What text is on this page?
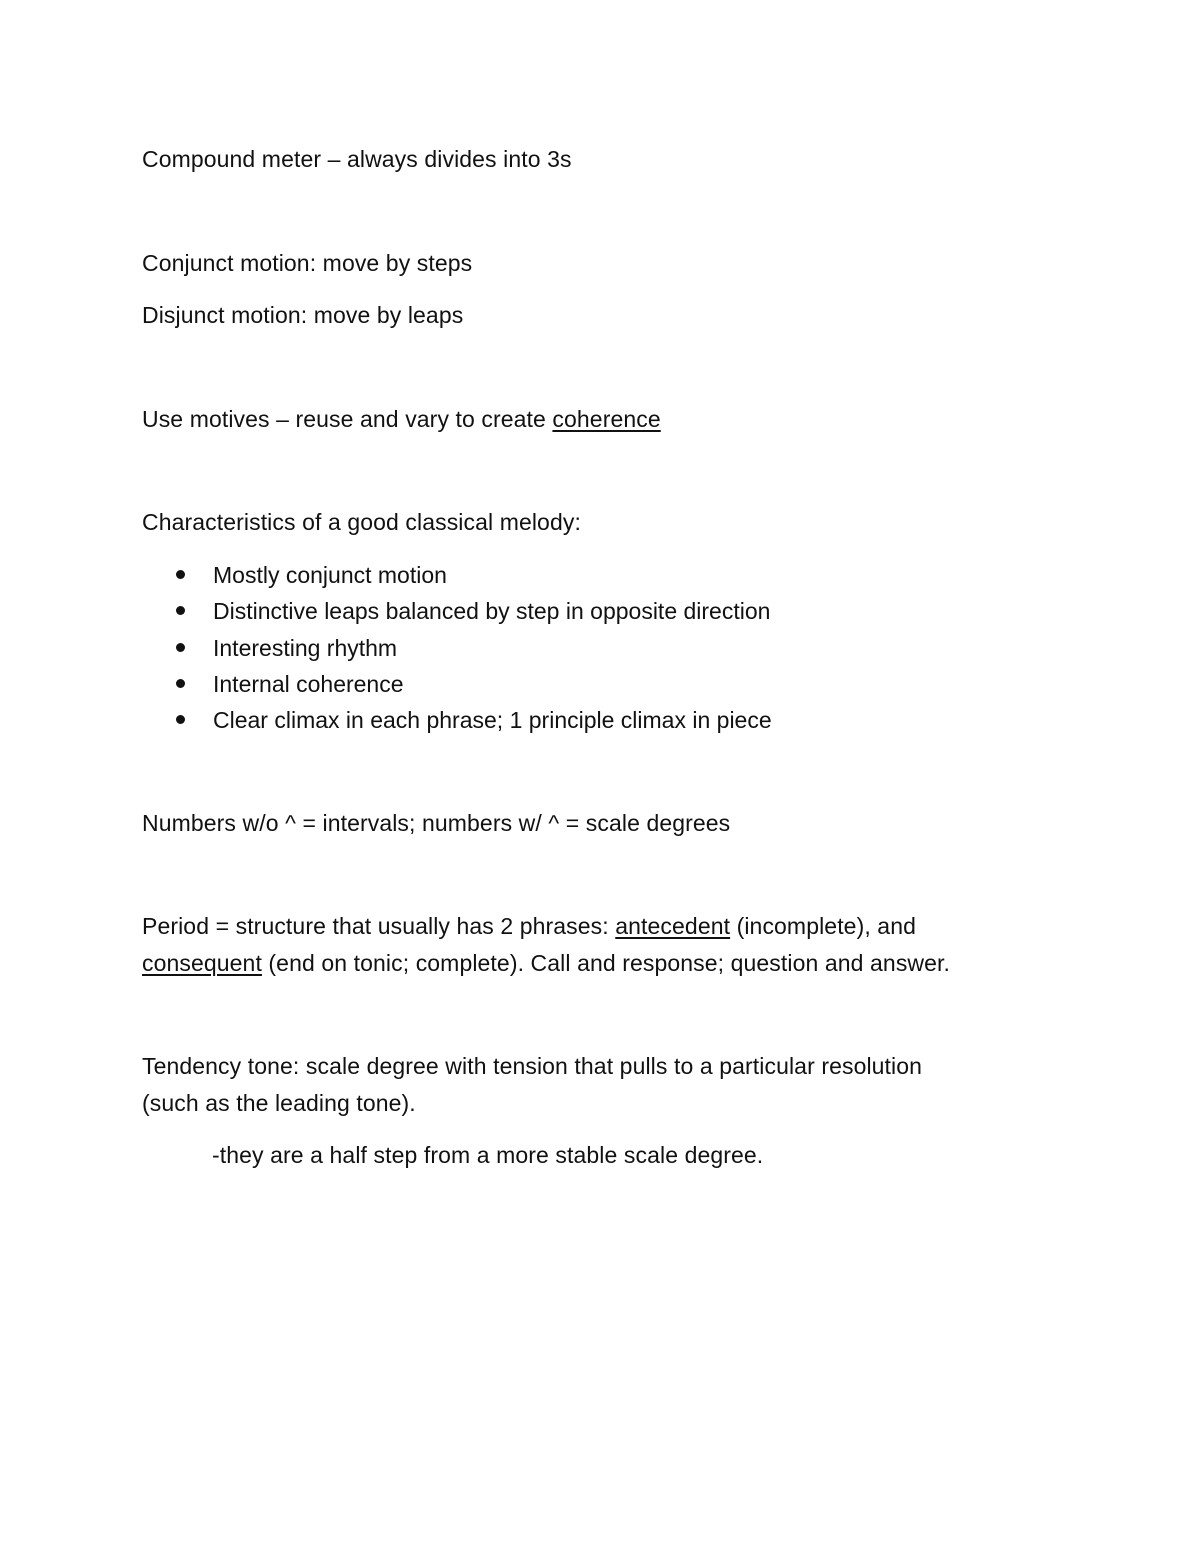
Compound meter – always divides into 3s
Conjunct motion: move by steps
Disjunct motion: move by leaps
Use motives – reuse and vary to create coherence
Characteristics of a good classical melody:
Mostly conjunct motion
Distinctive leaps balanced by step in opposite direction
Interesting rhythm
Internal coherence
Clear climax in each phrase; 1 principle climax in piece
Numbers w/o ^ = intervals; numbers w/ ^ = scale degrees
Period = structure that usually has 2 phrases: antecedent (incomplete), and
consequent (end on tonic; complete). Call and response; question and answer.
Tendency tone: scale degree with tension that pulls to a particular resolution
(such as the leading tone).
-they are a half step from a more stable scale degree.
